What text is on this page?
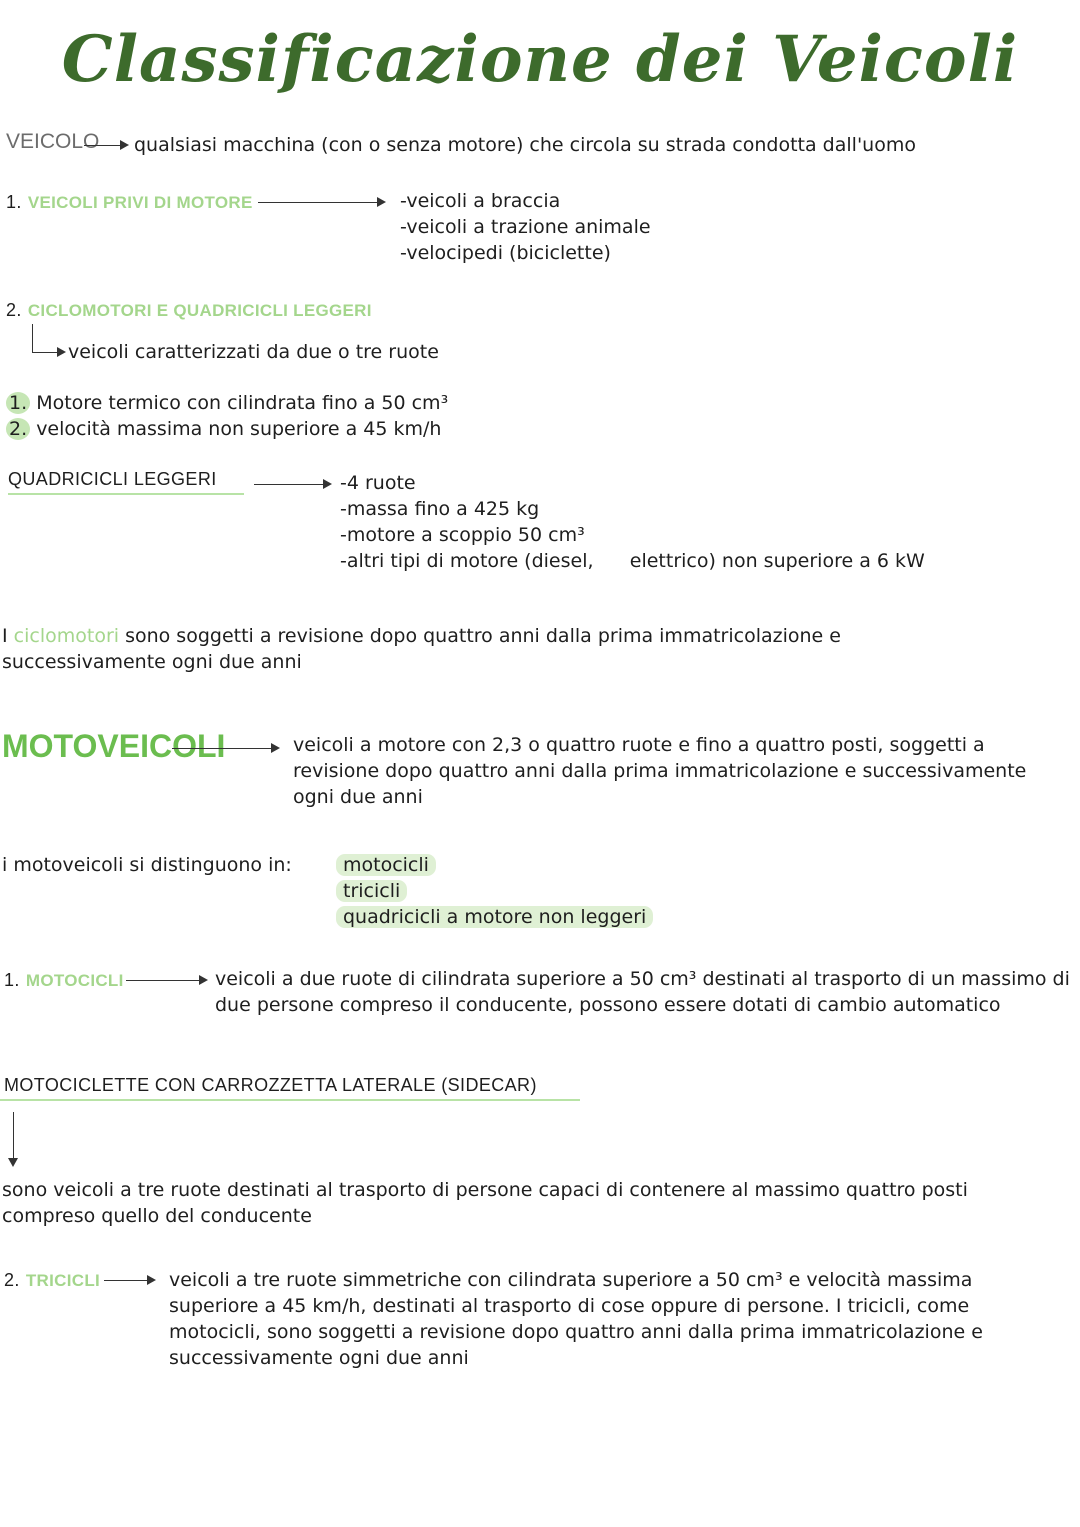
Classificazione dei Veicoli
VEICOLO qualsiasi macchina (con o senza motore) che circola su strada condotta dall'uomo
1. VEICOLI PRIVI DI MOTORE	-veicoli a braccia
-veicoli a trazione animale
-velocipedi (biciclette)
2. CICLOMOTORI E QUADRICICLI LEGGERI
veicoli caratterizzati da due o tre ruote
1. Motore termico con cilindrata fino a 50 cm³
2. velocità massima non superiore a 45 km/h
QUADRICICLI LEGGERI	-4 ruote
-massa fino a 425 kg
-motore a scoppio 50 cm³
-altri tipi di motore (diesel,      elettrico) non superiore a 6 kW
I ciclomotori sono soggetti a revisione dopo quattro anni dalla prima immatricolazione e
successivamente ogni due anni
MOTOVEICOLI	veicoli a motore con 2,3 o quattro ruote e fino a quattro posti, soggetti a revisione dopo quattro anni dalla prima immatricolazione e successivamente ogni due anni
i motoveicoli si distinguono in:	motocicli
tricicli
quadricicli a motore non leggeri
1. MOTOCICLI	veicoli a due ruote di cilindrata superiore a 50 cm³ destinati al trasporto di un massimo di due persone compreso il conducente, possono essere dotati di cambio automatico
MOTOCICLETTE CON CARROZZETTA LATERALE (SIDECAR)
sono veicoli a tre ruote destinati al trasporto di persone capaci di contenere al massimo quattro posti compreso quello del conducente
2. TRICICLI	veicoli a tre ruote simmetriche con cilindrata superiore a 50 cm³ e velocità massima superiore a 45 km/h, destinati al trasporto di cose oppure di persone. I tricicli, come motocicli, sono soggetti a revisione dopo quattro anni dalla prima immatricolazione e successivamente ogni due anni
